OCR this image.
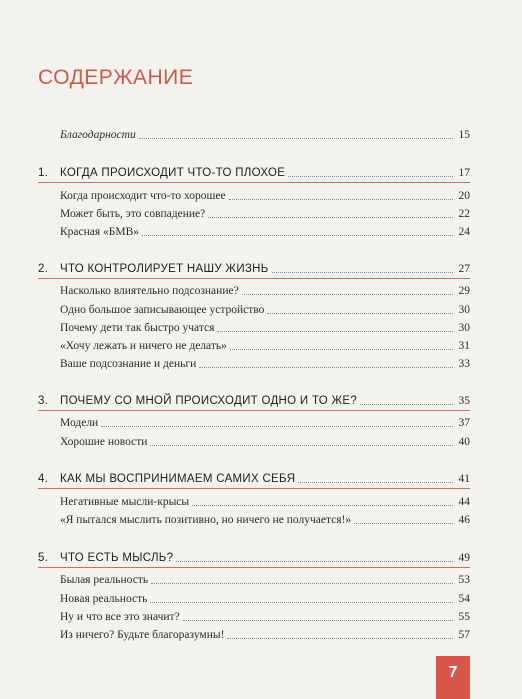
СОДЕРЖАНИЕ
Благодарности	15
1. КОГДА ПРОИСХОДИТ ЧТО-ТО ПЛОХОЕ	17
Когда происходит что-то хорошее	20
Может быть, это совпадение?	22
Красная «БМВ»	24
2. ЧТО КОНТРОЛИРУЕТ НАШУ ЖИЗНЬ	27
Насколько влиятельно подсознание?	29
Одно большое записывающее устройство	30
Почему дети так быстро учатся	30
«Хочу лежать и ничего не делать»	31
Ваше подсознание и деньги	33
3. ПОЧЕМУ СО МНОЙ ПРОИСХОДИТ ОДНО И ТО ЖЕ?	35
Модели	37
Хорошие новости	40
4. КАК МЫ ВОСПРИНИМАЕМ САМИХ СЕБЯ	41
Негативные мысли-крысы	44
«Я пытался мыслить позитивно, но ничего не получается!»	46
5. ЧТО ЕСТЬ МЫСЛЬ?	49
Былая реальность	53
Новая реальность	54
Ну и что все это значит?	55
Из ничего? Будьте благоразумны!	57
7
